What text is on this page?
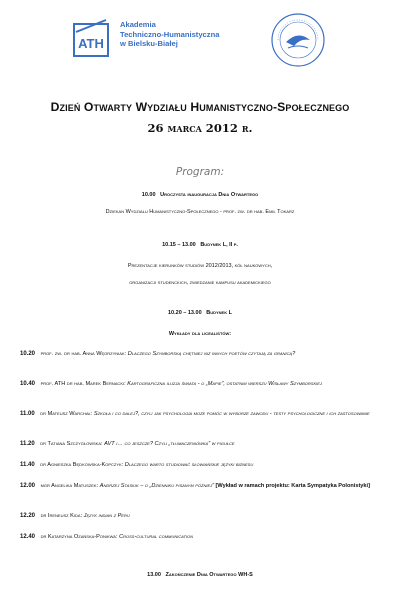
ATH
Akademia
Techniczno-Humanistyczna
w Bielsku-Białej
Dzień Otwarty Wydziału Humanistyczno-Społecznego
26 marca 2012 r.
Program:
10.00 Uroczysta inauguracja Dnia Otwartego
Dziekan Wydziału Humanistyczno-Społecznego - prof. zw. dr hab. Emil Tokarz
10.15 – 13.00 Budynek L, II p.
Prezentacje kierunków studiów 2012/2013, kół naukowych,
organizacji studenckich, zwiedzanie kampusu akademickiego
10.20 – 13.00 Budynek L
Wykłady dla licealistów:
10.20 prof. zw. dr hab. Anna Węgrzyniak: Dlaczego Szymborską chętniej niż innych poetów czytają za granicą?
10.40 prof. ATH dr hab. Marek Bernacki: Kartograficzna iluzja świata - o „Mapie”, ostatnim wierszu Wisławy Szymborskiej
11.00 dr Mateusz Warchał: Szkoła i co dalej?, czyli jak psychologia może pomóc w wyborze zawodu - testy psychologiczne i ich zastosowanie
11.20 dr Tatiana Szczygłowska: AVT i… co jeszcze? Czyli „tłumaczeniówka” w pigułce
11.40 dr Agnieszka Będkowska-Kopczyk: Dlaczego warto studiować słowiańskie języki biznesu
12.00 mgr Angelika Matuszek: Andrzej Stasiuk – o „Dzienniku pisanym później” [Wykład w ramach projektu: Karta Sympatyka Polonistyki]
12.20 dr Ireneusz Kida: Język indian z Peru
12.40 dr Katarzyna Ozańska-Ponikwa: Cross-cultural communication
13.00 Zakończenie Dnia Otwartego WH-S
